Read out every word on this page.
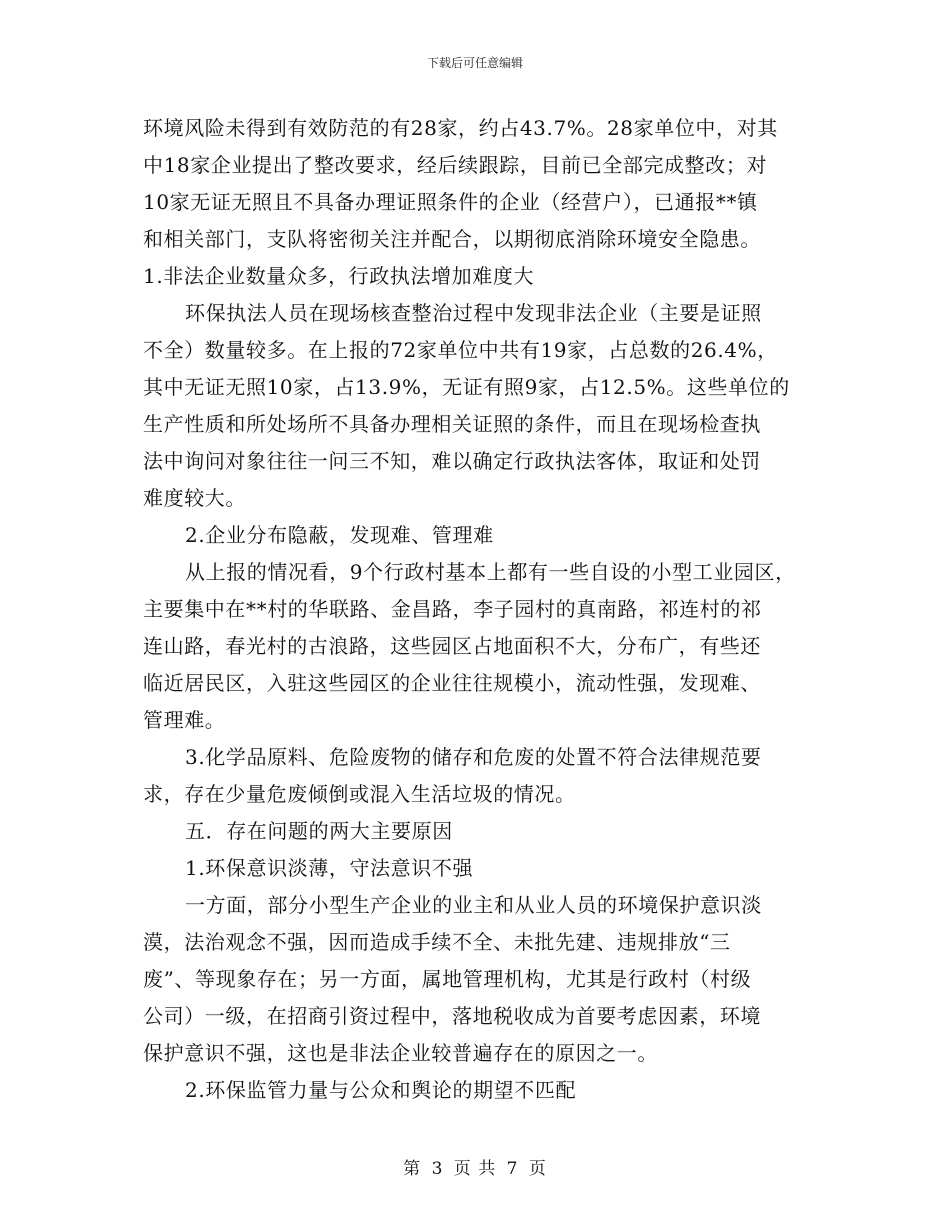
下载后可任意编辑
环境风险未得到有效防范的有28家，约占43.7%。28家单位中，对其
中18家企业提出了整改要求，经后续跟踪，目前已全部完成整改；对
10家无证无照且不具备办理证照条件的企业（经营户），已通报**镇
和相关部门，支队将密彻关注并配合，以期彻底消除环境安全隐患。
1.非法企业数量众多，行政执法增加难度大
环保执法人员在现场核查整治过程中发现非法企业（主要是证照
不全）数量较多。在上报的72家单位中共有19家，占总数的26.4%，
其中无证无照10家，占13.9%，无证有照9家，占12.5%。这些单位的
生产性质和所处场所不具备办理相关证照的条件，而且在现场检查执
法中询问对象往往一问三不知，难以确定行政执法客体，取证和处罚
难度较大。
2.企业分布隐蔽，发现难、管理难
从上报的情况看，9个行政村基本上都有一些自设的小型工业园区，
主要集中在**村的华联路、金昌路，李子园村的真南路，祁连村的祁
连山路，春光村的古浪路，这些园区占地面积不大，分布广，有些还
临近居民区，入驻这些园区的企业往往规模小，流动性强，发现难、
管理难。
3.化学品原料、危险废物的储存和危废的处置不符合法律规范要
求，存在少量危废倾倒或混入生活垃圾的情况。
五．存在问题的两大主要原因
1.环保意识淡薄，守法意识不强
一方面，部分小型生产企业的业主和从业人员的环境保护意识淡
漠，法治观念不强，因而造成手续不全、未批先建、违规排放“三
废”、等现象存在；另一方面，属地管理机构，尤其是行政村（村级
公司）一级，在招商引资过程中，落地税收成为首要考虑因素，环境
保护意识不强，这也是非法企业较普遍存在的原因之一。
2.环保监管力量与公众和舆论的期望不匹配
第 3 页 共 7 页
